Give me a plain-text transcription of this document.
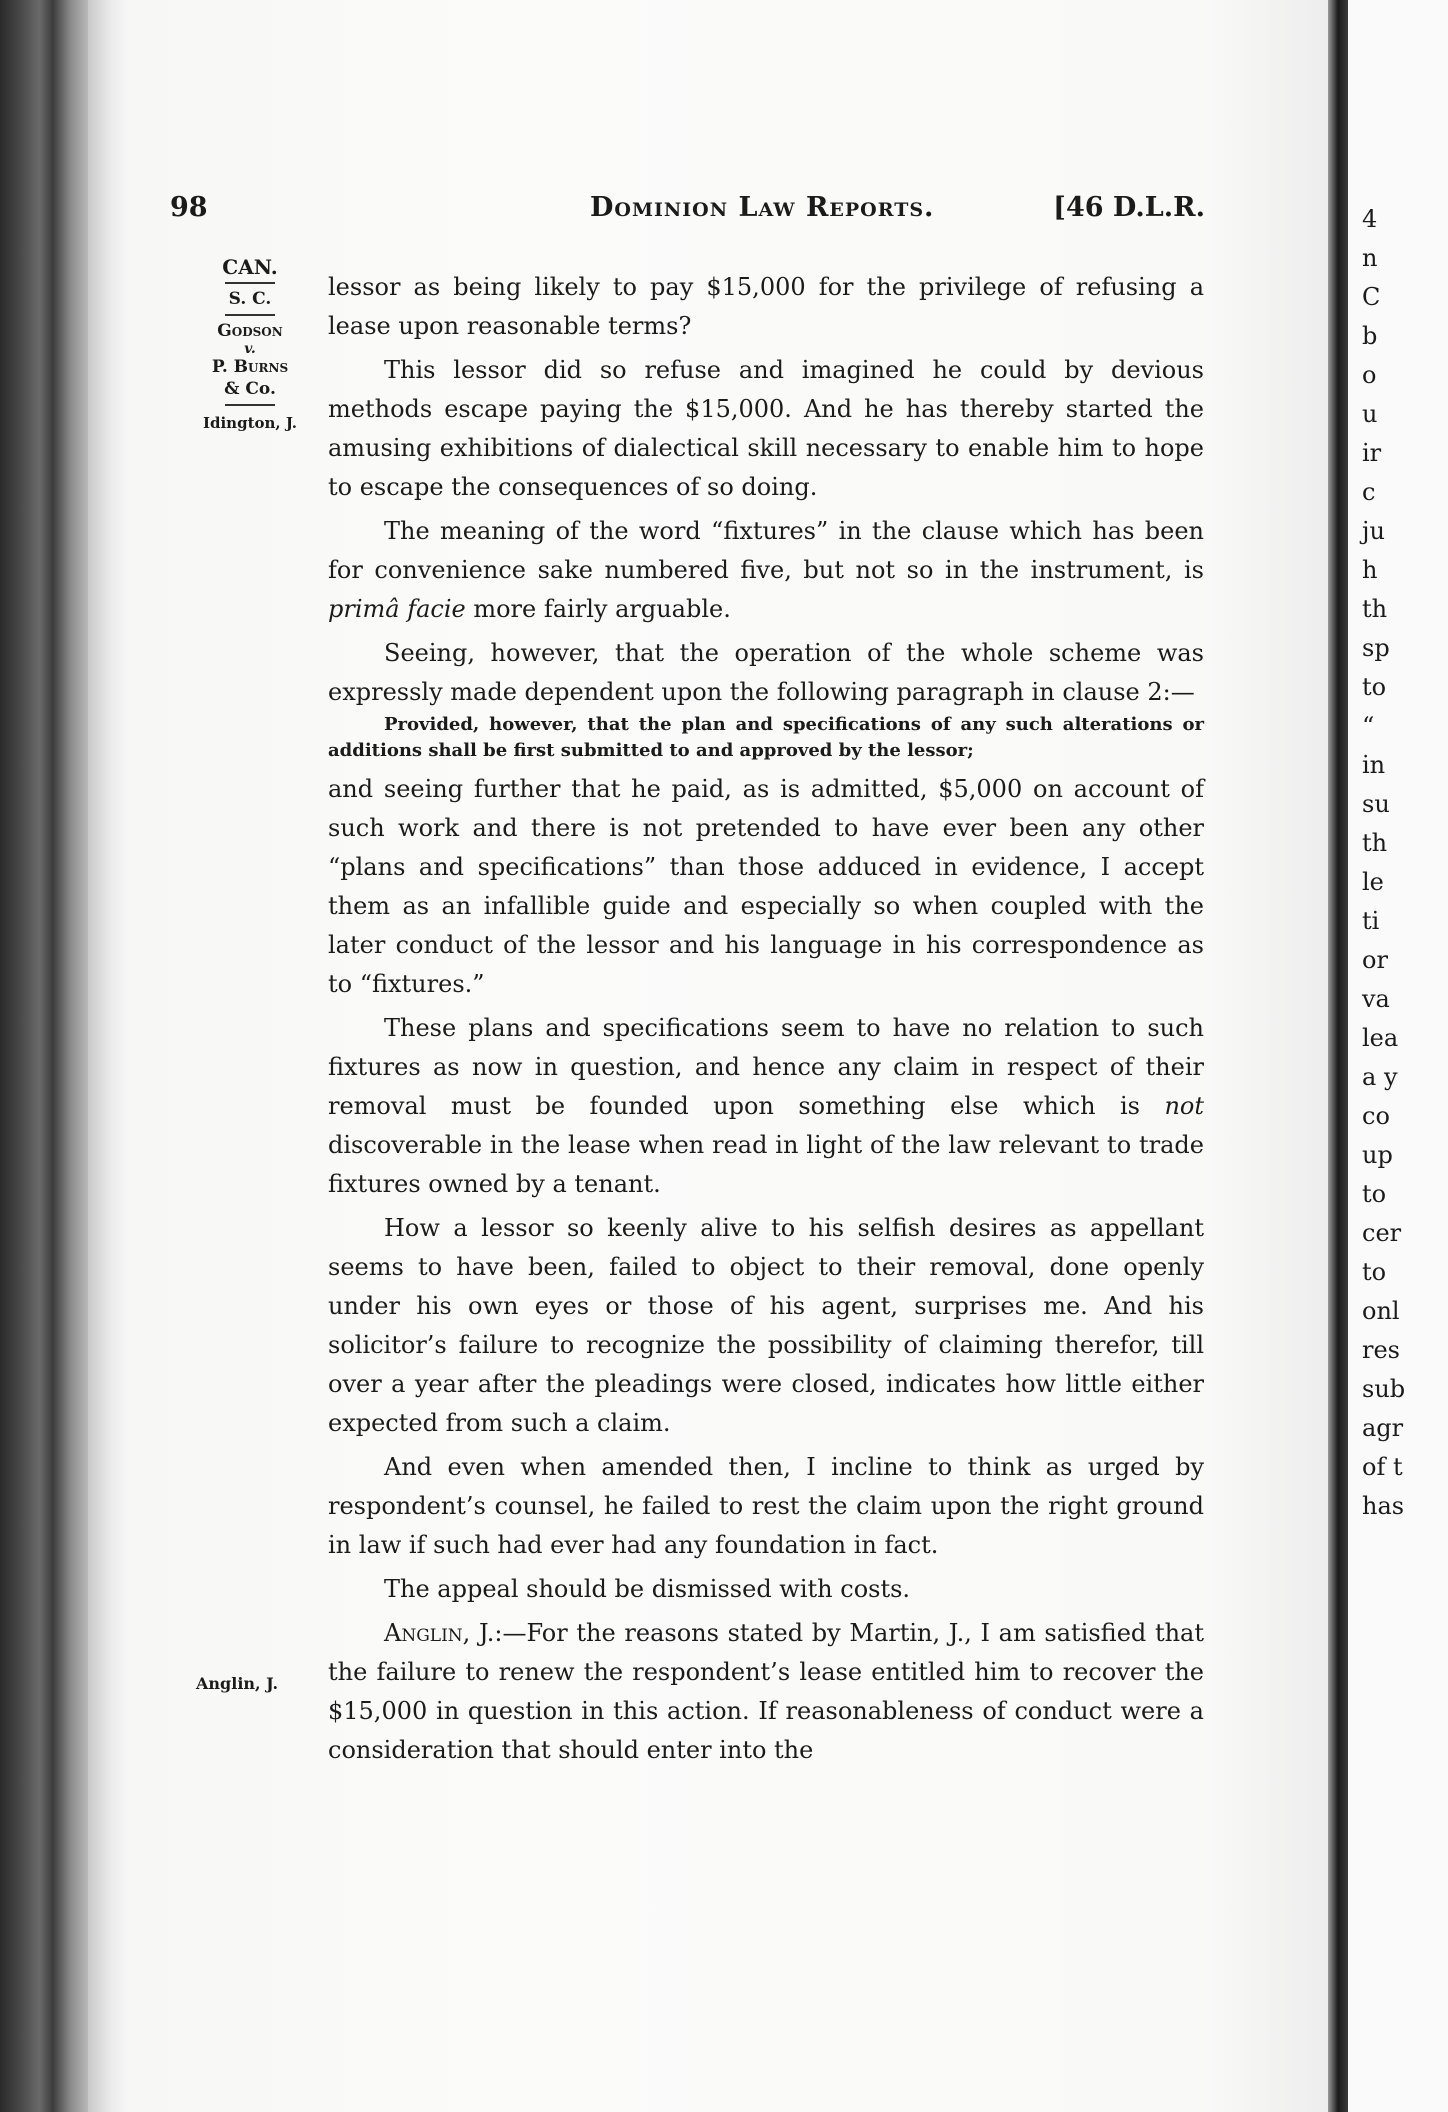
98	Dominion Law Reports.	[46 D.L.R.
CAN.
S. C.
Godson
v.
P. Burns
& Co.
Idington, J.
Anglin, J.

lessor as being likely to pay $15,000 for the privilege of refusing a lease upon reasonable terms?

This lessor did so refuse and imagined he could by devious methods escape paying the $15,000. And he has thereby started the amusing exhibitions of dialectical skill necessary to enable him to hope to escape the consequences of so doing.

The meaning of the word “fixtures” in the clause which has been for convenience sake numbered five, but not so in the instrument, is primâ facie more fairly arguable.

Seeing, however, that the operation of the whole scheme was expressly made dependent upon the following paragraph in clause 2:—

Provided, however, that the plan and specifications of any such alterations or additions shall be first submitted to and approved by the lessor;

and seeing further that he paid, as is admitted, $5,000 on account of such work and there is not pretended to have ever been any other “plans and specifications” than those adduced in evidence, I accept them as an infallible guide and especially so when coupled with the later conduct of the lessor and his language in his correspondence as to “fixtures.”

These plans and specifications seem to have no relation to such fixtures as now in question, and hence any claim in respect of their removal must be founded upon something else which is not discoverable in the lease when read in light of the law relevant to trade fixtures owned by a tenant.

How a lessor so keenly alive to his selfish desires as appellant seems to have been, failed to object to their removal, done openly under his own eyes or those of his agent, surprises me. And his solicitor’s failure to recognize the possibility of claiming therefor, till over a year after the pleadings were closed, indicates how little either expected from such a claim.

And even when amended then, I incline to think as urged by respondent’s counsel, he failed to rest the claim upon the right ground in law if such had ever had any foundation in fact.

The appeal should be dismissed with costs.

Anglin, J.:—For the reasons stated by Martin, J., I am satisfied that the failure to renew the respondent’s lease entitled him to recover the $15,000 in question in this action. If reasonableness of conduct were a consideration that should enter into the

4
n
C
b
o
u
ir
c
ju
h
th
sp
to
“
in
su
th
le
ti
or
va
lea
a y
co
up
to
cer
to
onl
res
sub
agr
of t
has
